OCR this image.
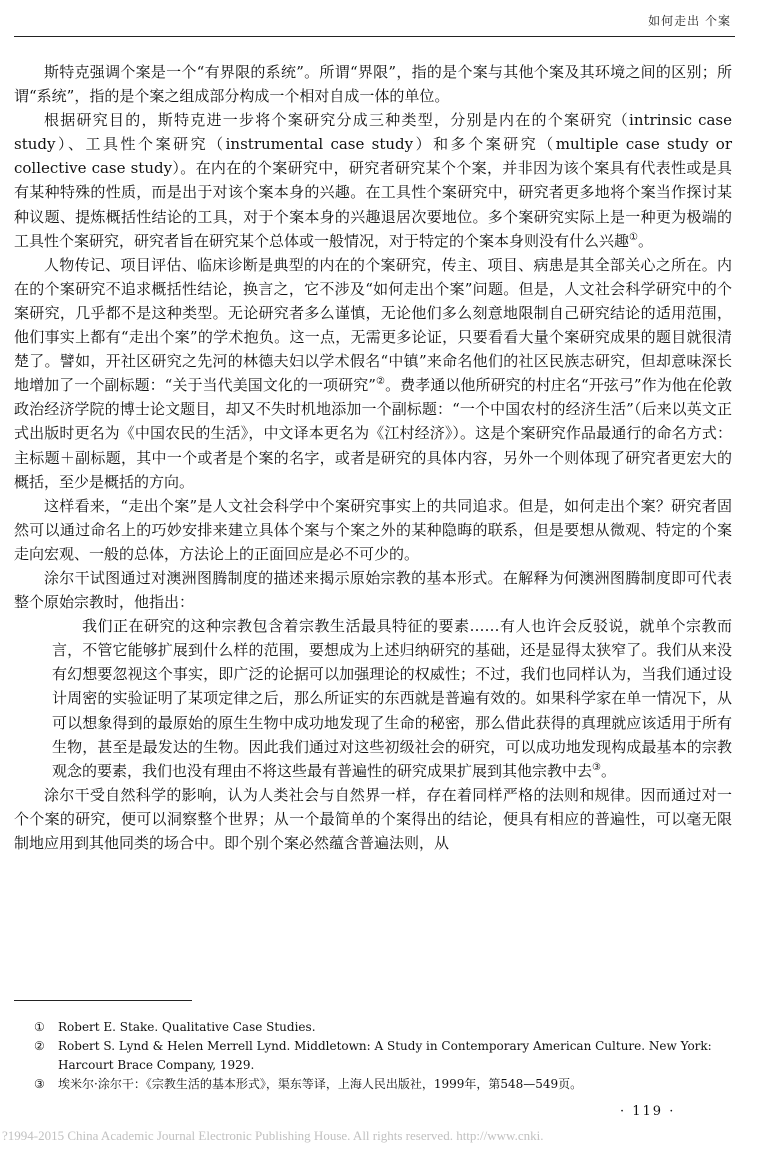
如何走出 个案

斯特克强调个案是一个“有界限的系统”。所谓“界限”，指的是个案与其他个案及其环境之间的区别；所谓“系统”，指的是个案之组成部分构成一个相对自成一体的单位。

根据研究目的，斯特克进一步将个案研究分成三种类型，分别是内在的个案研究（intrinsic case study）、工具性个案研究（instrumental case study）和多个案研究（multiple case study or collective case study）。在内在的个案研究中，研究者研究某个个案，并非因为该个案具有代表性或是具有某种特殊的性质，而是出于对该个案本身的兴趣。在工具性个案研究中，研究者更多地将个案当作探讨某种议题、提炼概括性结论的工具，对于个案本身的兴趣退居次要地位。多个案研究实际上是一种更为极端的工具性个案研究，研究者旨在研究某个总体或一般情况，对于特定的个案本身则没有什么兴趣①。

人物传记、项目评估、临床诊断是典型的内在的个案研究，传主、项目、病患是其全部关心之所在。内在的个案研究不追求概括性结论，换言之，它不涉及“如何走出个案”问题。但是，人文社会科学研究中的个案研究，几乎都不是这种类型。无论研究者多么谨慎，无论他们多么刻意地限制自己研究结论的适用范围，他们事实上都有“走出个案”的学术抱负。这一点，无需更多论证，只要看看大量个案研究成果的题目就很清楚了。譬如，开社区研究之先河的林德夫妇以学术假名“中镇”来命名他们的社区民族志研究，但却意味深长地增加了一个副标题：“关于当代美国文化的一项研究”②。费孝通以他所研究的村庄名“开弦弓”作为他在伦敦政治经济学院的博士论文题目，却又不失时机地添加一个副标题：“一个中国农村的经济生活”（后来以英文正式出版时更名为《中国农民的生活》，中文译本更名为《江村经济》）。这是个案研究作品最通行的命名方式：主标题＋副标题，其中一个或者是个案的名字，或者是研究的具体内容，另外一个则体现了研究者更宏大的概括，至少是概括的方向。

这样看来，“走出个案”是人文社会科学中个案研究事实上的共同追求。但是，如何走出个案？研究者固然可以通过命名上的巧妙安排来建立具体个案与个案之外的某种隐晦的联系，但是要想从微观、特定的个案走向宏观、一般的总体，方法论上的正面回应是必不可少的。

涂尔干试图通过对澳洲图腾制度的描述来揭示原始宗教的基本形式。在解释为何澳洲图腾制度即可代表整个原始宗教时，他指出：

我们正在研究的这种宗教包含着宗教生活最具特征的要素……有人也许会反驳说，就单个宗教而言，不管它能够扩展到什么样的范围，要想成为上述归纳研究的基础，还是显得太狭窄了。我们从来没有幻想要忽视这个事实，即广泛的论据可以加强理论的权威性；不过，我们也同样认为，当我们通过设计周密的实验证明了某项定律之后，那么所证实的东西就是普遍有效的。如果科学家在单一情况下，从可以想象得到的最原始的原生生物中成功地发现了生命的秘密，那么借此获得的真理就应该适用于所有生物，甚至是最发达的生物。因此我们通过对这些初级社会的研究，可以成功地发现构成最基本的宗教观念的要素，我们也没有理由不将这些最有普遍性的研究成果扩展到其他宗教中去③。

涂尔干受自然科学的影响，认为人类社会与自然界一样，存在着同样严格的法则和规律。因而通过对一个个案的研究，便可以洞察整个世界；从一个最简单的个案得出的结论，便具有相应的普遍性，可以毫无限制地应用到其他同类的场合中。即个别个案必然蕴含普遍法则，从

①	Robert E. Stake. Qualitative Case Studies.
②	Robert S. Lynd & Helen Merrell Lynd. Middletown: A Study in Contemporary American Culture. New York: Harcourt Brace Company, 1929.
③	埃米尔·涂尔干：《宗教生活的基本形式》，渠东等译，上海人民出版社，1999年，第548—549页。
· 119 ·
?1994-2015 China Academic Journal Electronic Publishing House. All rights reserved. http://www.cnki.
